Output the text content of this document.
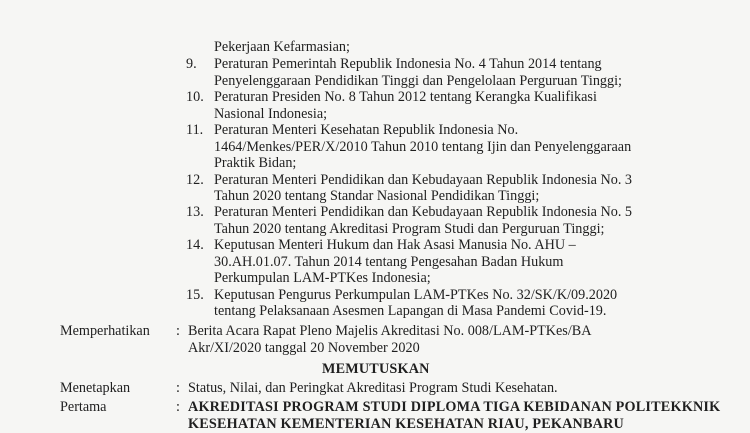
Pekerjaan Kefarmasian;
9. Peraturan Pemerintah Republik Indonesia No. 4 Tahun 2014 tentang
Penyelenggaraan Pendidikan Tinggi dan Pengelolaan Perguruan Tinggi;
10. Peraturan Presiden No. 8 Tahun 2012 tentang Kerangka Kualifikasi
Nasional Indonesia;
11. Peraturan Menteri Kesehatan Republik Indonesia No.
1464/Menkes/PER/X/2010 Tahun 2010 tentang Ijin dan Penyelenggaraan
Praktik Bidan;
12. Peraturan Menteri Pendidikan dan Kebudayaan Republik Indonesia No. 3
Tahun 2020 tentang Standar Nasional Pendidikan Tinggi;
13. Peraturan Menteri Pendidikan dan Kebudayaan Republik Indonesia No. 5
Tahun 2020 tentang Akreditasi Program Studi dan Perguruan Tinggi;
14. Keputusan Menteri Hukum dan Hak Asasi Manusia No. AHU –
30.AH.01.07. Tahun 2014 tentang Pengesahan Badan Hukum
Perkumpulan LAM-PTKes Indonesia;
15. Keputusan Pengurus Perkumpulan LAM-PTKes No. 32/SK/K/09.2020
tentang Pelaksanaan Asesmen Lapangan di Masa Pandemi Covid-19.
Memperhatikan : Berita Acara Rapat Pleno Majelis Akreditasi No. 008/LAM-PTKes/BA
Akr/XI/2020 tanggal 20 November 2020
MEMUTUSKAN
Menetapkan	: Status, Nilai, dan Peringkat Akreditasi Program Studi Kesehatan.
Pertama	: AKREDITASI PROGRAM STUDI DIPLOMA TIGA KEBIDANAN POLITEKKNIK
KESEHATAN KEMENTERIAN KESEHATAN RIAU, PEKANBARU
